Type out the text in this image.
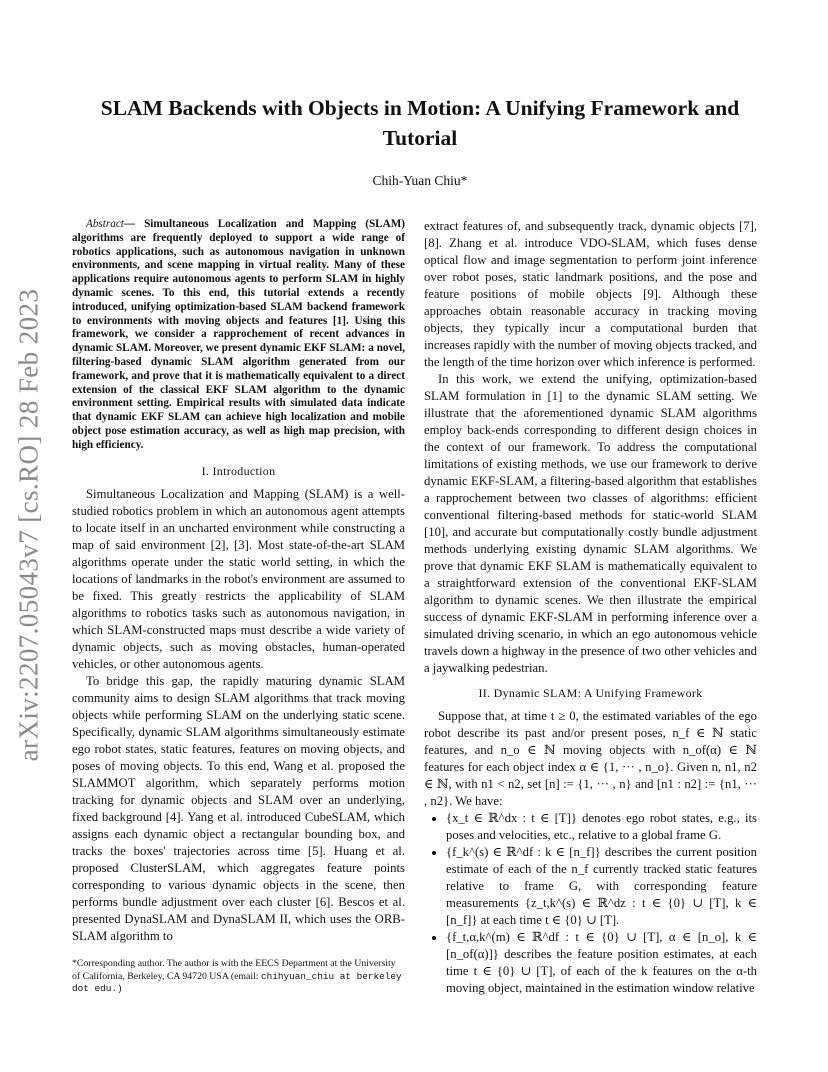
arXiv:2207.05043v7 [cs.RO] 28 Feb 2023
SLAM Backends with Objects in Motion: A Unifying Framework and Tutorial
Chih-Yuan Chiu*

Abstract— Simultaneous Localization and Mapping (SLAM) algorithms are frequently deployed to support a wide range of robotics applications, such as autonomous navigation in unknown environments, and scene mapping in virtual reality. Many of these applications require autonomous agents to perform SLAM in highly dynamic scenes. To this end, this tutorial extends a recently introduced, unifying optimization-based SLAM backend framework to environments with moving objects and features [1]. Using this framework, we consider a rapprochement of recent advances in dynamic SLAM. Moreover, we present dynamic EKF SLAM: a novel, filtering-based dynamic SLAM algorithm generated from our framework, and prove that it is mathematically equivalent to a direct extension of the classical EKF SLAM algorithm to the dynamic environment setting. Empirical results with simulated data indicate that dynamic EKF SLAM can achieve high localization and mobile object pose estimation accuracy, as well as high map precision, with high efficiency.

I. Introduction

Simultaneous Localization and Mapping (SLAM) is a well-studied robotics problem in which an autonomous agent attempts to locate itself in an uncharted environment while constructing a map of said environment [2], [3]. Most state-of-the-art SLAM algorithms operate under the static world setting, in which the locations of landmarks in the robot's environment are assumed to be fixed. This greatly restricts the applicability of SLAM algorithms to robotics tasks such as autonomous navigation, in which SLAM-constructed maps must describe a wide variety of dynamic objects, such as moving obstacles, human-operated vehicles, or other autonomous agents.

To bridge this gap, the rapidly maturing dynamic SLAM community aims to design SLAM algorithms that track moving objects while performing SLAM on the underlying static scene. Specifically, dynamic SLAM algorithms simultaneously estimate ego robot states, static features, features on moving objects, and poses of moving objects. To this end, Wang et al. proposed the SLAMMOT algorithm, which separately performs motion tracking for dynamic objects and SLAM over an underlying, fixed background [4]. Yang et al. introduced CubeSLAM, which assigns each dynamic object a rectangular bounding box, and tracks the boxes' trajectories across time [5]. Huang et al. proposed ClusterSLAM, which aggregates feature points corresponding to various dynamic objects in the scene, then performs bundle adjustment over each cluster [6]. Bescos et al. presented DynaSLAM and DynaSLAM II, which uses the ORB-SLAM algorithm to

extract features of, and subsequently track, dynamic objects [7], [8]. Zhang et al. introduce VDO-SLAM, which fuses dense optical flow and image segmentation to perform joint inference over robot poses, static landmark positions, and the pose and feature positions of mobile objects [9]. Although these approaches obtain reasonable accuracy in tracking moving objects, they typically incur a computational burden that increases rapidly with the number of moving objects tracked, and the length of the time horizon over which inference is performed.

In this work, we extend the unifying, optimization-based SLAM formulation in [1] to the dynamic SLAM setting. We illustrate that the aforementioned dynamic SLAM algorithms employ back-ends corresponding to different design choices in the context of our framework. To address the computational limitations of existing methods, we use our framework to derive dynamic EKF-SLAM, a filtering-based algorithm that establishes a rapprochement between two classes of algorithms: efficient conventional filtering-based methods for static-world SLAM [10], and accurate but computationally costly bundle adjustment methods underlying existing dynamic SLAM algorithms. We prove that dynamic EKF SLAM is mathematically equivalent to a straightforward extension of the conventional EKF-SLAM algorithm to dynamic scenes. We then illustrate the empirical success of dynamic EKF-SLAM in performing inference over a simulated driving scenario, in which an ego autonomous vehicle travels down a highway in the presence of two other vehicles and a jaywalking pedestrian.

II. Dynamic SLAM: A Unifying Framework

Suppose that, at time t ≥ 0, the estimated variables of the ego robot describe its past and/or present poses, n_f ∈ ℕ static features, and n_o ∈ ℕ moving objects with n_of(α) ∈ ℕ features for each object index α ∈ {1, ··· , n_o}. Given n, n1, n2 ∈ ℕ, with n1 < n2, set [n] := {1, ··· , n} and [n1 : n2] := {n1, ··· , n2}. We have:

• {x_t ∈ ℝ^dx : t ∈ [T]} denotes ego robot states, e.g., its poses and velocities, etc., relative to a global frame G.
• {f_k^(s) ∈ ℝ^df : k ∈ [n_f]} describes the current position estimate of each of the n_f currently tracked static features relative to frame G, with corresponding feature measurements {z_t,k^(s) ∈ ℝ^dz : t ∈ {0} ∪ [T], k ∈ [n_f]} at each time t ∈ {0} ∪ [T].
• {f_t,α,k^(m) ∈ ℝ^df : t ∈ {0} ∪ [T], α ∈ [n_o], k ∈ [n_of(α)]} describes the feature position estimates, at each time t ∈ {0} ∪ [T], of each of the k features on the α-th moving object, maintained in the estimation window relative
*Corresponding author. The author is with the EECS Department at the University of California, Berkeley, CA 94720 USA (email: chihyuan_chiu at berkeley dot edu.)
